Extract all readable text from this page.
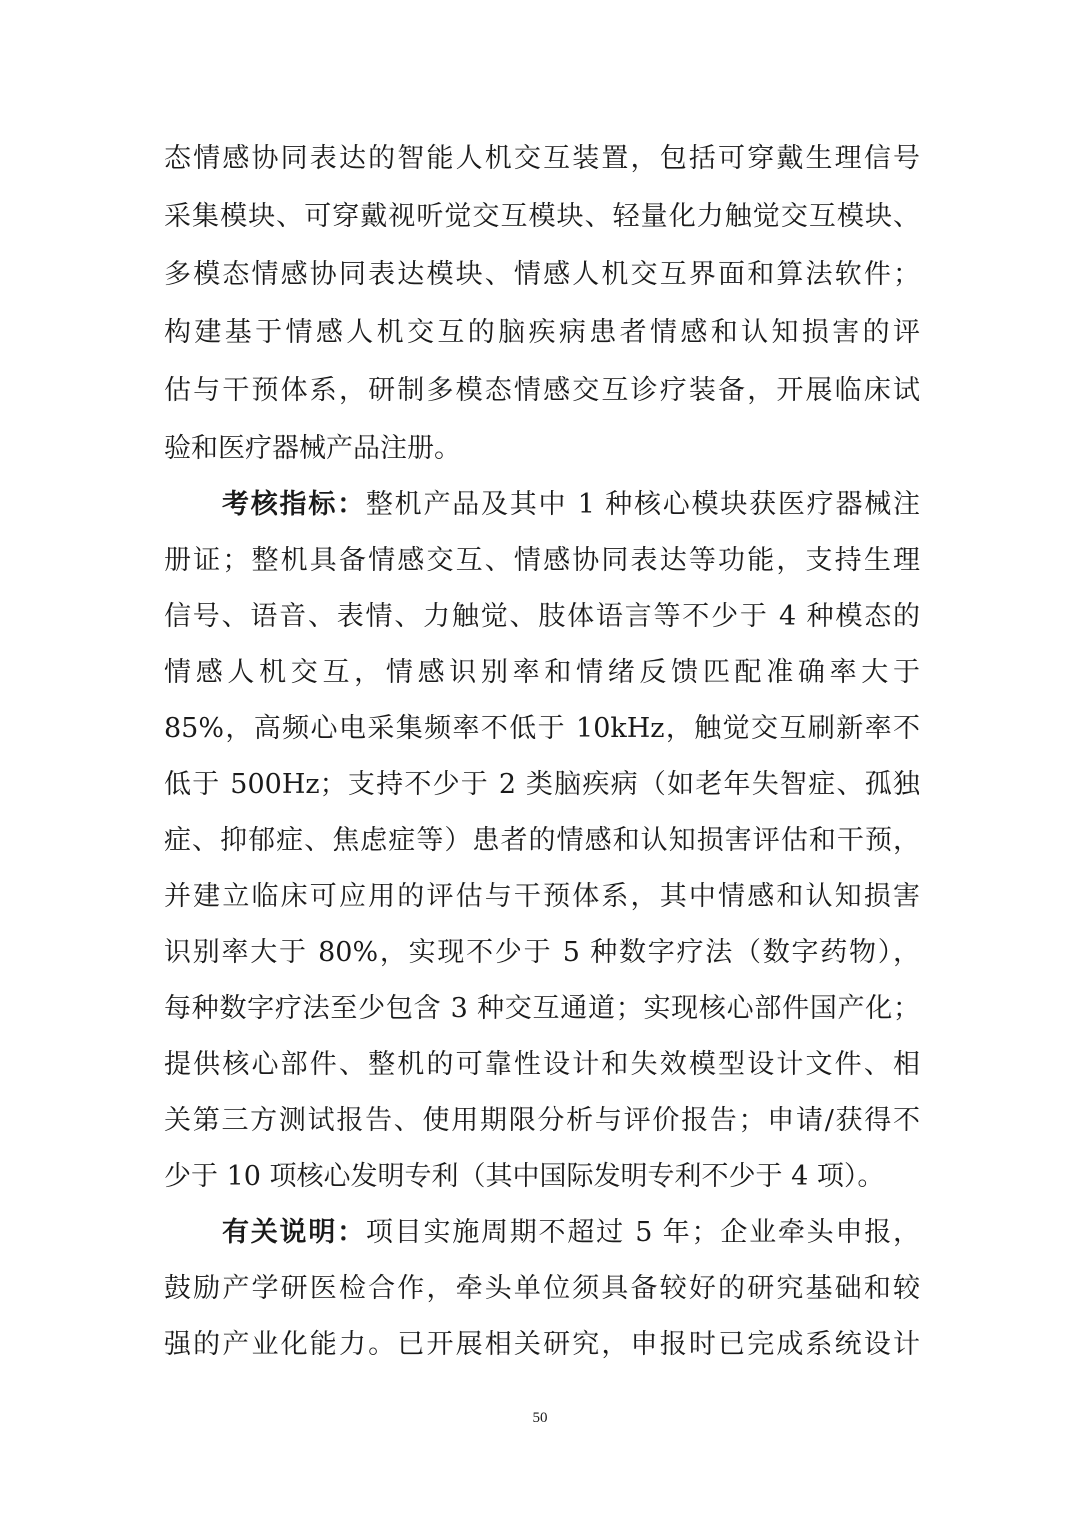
态情感协同表达的智能人机交互装置，包括可穿戴生理信号
采集模块、可穿戴视听觉交互模块、轻量化力触觉交互模块、
多模态情感协同表达模块、情感人机交互界面和算法软件；
构建基于情感人机交互的脑疾病患者情感和认知损害的评
估与干预体系，研制多模态情感交互诊疗装备，开展临床试
验和医疗器械产品注册。
考核指标：整机产品及其中 1 种核心模块获医疗器械注
册证；整机具备情感交互、情感协同表达等功能，支持生理
信号、语音、表情、力触觉、肢体语言等不少于 4 种模态的
情感人机交互，情感识别率和情绪反馈匹配准确率大于
85%，高频心电采集频率不低于 10kHz，触觉交互刷新率不
低于 500Hz；支持不少于 2 类脑疾病（如老年失智症、孤独
症、抑郁症、焦虑症等）患者的情感和认知损害评估和干预，
并建立临床可应用的评估与干预体系，其中情感和认知损害
识别率大于 80%，实现不少于 5 种数字疗法（数字药物），
每种数字疗法至少包含 3 种交互通道；实现核心部件国产化；
提供核心部件、整机的可靠性设计和失效模型设计文件、相
关第三方测试报告、使用期限分析与评价报告；申请/获得不
少于 10 项核心发明专利（其中国际发明专利不少于 4 项）。
有关说明：项目实施周期不超过 5 年；企业牵头申报，
鼓励产学研医检合作，牵头单位须具备较好的研究基础和较
强的产业化能力。已开展相关研究，申报时已完成系统设计
50
